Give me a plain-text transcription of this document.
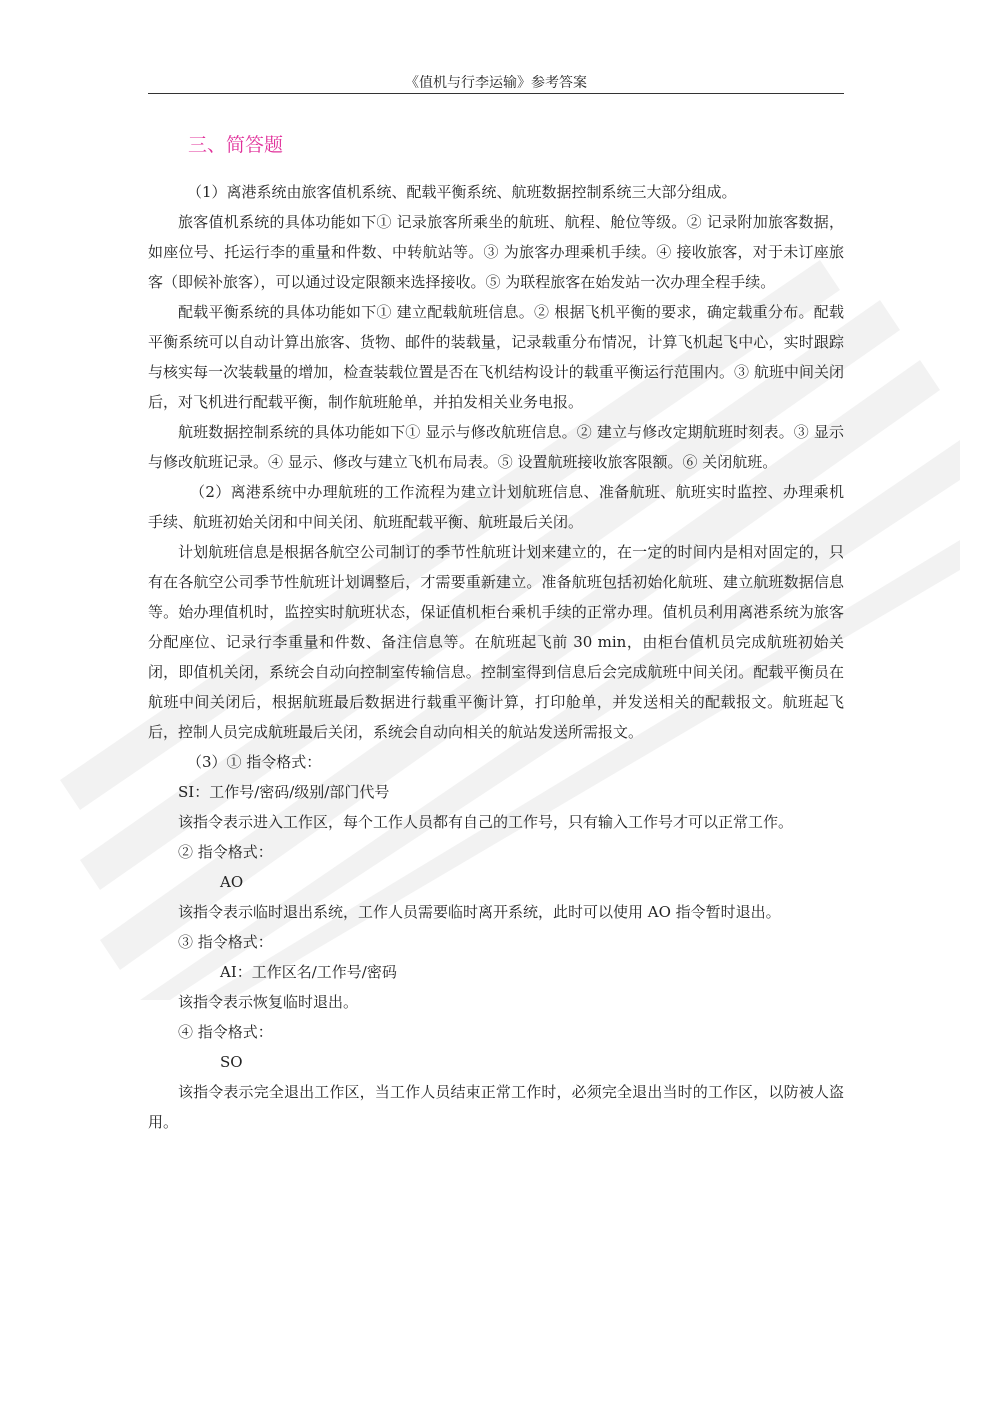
《值机与行李运输》参考答案
三、简答题

（1）离港系统由旅客值机系统、配载平衡系统、航班数据控制系统三大部分组成。

旅客值机系统的具体功能如下① 记录旅客所乘坐的航班、航程、舱位等级。② 记录附加旅客数据，如座位号、托运行李的重量和件数、中转航站等。③ 为旅客办理乘机手续。④ 接收旅客，对于未订座旅客（即候补旅客），可以通过设定限额来选择接收。⑤ 为联程旅客在始发站一次办理全程手续。

配载平衡系统的具体功能如下① 建立配载航班信息。② 根据飞机平衡的要求，确定载重分布。配载平衡系统可以自动计算出旅客、货物、邮件的装载量，记录载重分布情况，计算飞机起飞中心，实时跟踪与核实每一次装载量的增加，检查装载位置是否在飞机结构设计的载重平衡运行范围内。③ 航班中间关闭后，对飞机进行配载平衡，制作航班舱单，并拍发相关业务电报。

航班数据控制系统的具体功能如下① 显示与修改航班信息。② 建立与修改定期航班时刻表。③ 显示与修改航班记录。④ 显示、修改与建立飞机布局表。⑤ 设置航班接收旅客限额。⑥ 关闭航班。

（2）离港系统中办理航班的工作流程为建立计划航班信息、准备航班、航班实时监控、办理乘机手续、航班初始关闭和中间关闭、航班配载平衡、航班最后关闭。

计划航班信息是根据各航空公司制订的季节性航班计划来建立的，在一定的时间内是相对固定的，只有在各航空公司季节性航班计划调整后，才需要重新建立。准备航班包括初始化航班、建立航班数据信息等。始办理值机时，监控实时航班状态，保证值机柜台乘机手续的正常办理。值机员利用离港系统为旅客分配座位、记录行李重量和件数、备注信息等。在航班起飞前 30 min，由柜台值机员完成航班初始关闭，即值机关闭，系统会自动向控制室传输信息。控制室得到信息后会完成航班中间关闭。配载平衡员在航班中间关闭后，根据航班最后数据进行载重平衡计算，打印舱单，并发送相关的配载报文。航班起飞后，控制人员完成航班最后关闭，系统会自动向相关的航站发送所需报文。

（3）① 指令格式：

SI：工作号/密码/级别/部门代号

该指令表示进入工作区，每个工作人员都有自己的工作号，只有输入工作号才可以正常工作。

② 指令格式：

AO

该指令表示临时退出系统，工作人员需要临时离开系统，此时可以使用 AO 指令暂时退出。

③ 指令格式：

AI：工作区名/工作号/密码

该指令表示恢复临时退出。

④ 指令格式：

SO

该指令表示完全退出工作区，当工作人员结束正常工作时，必须完全退出当时的工作区，以防被人盗用。
